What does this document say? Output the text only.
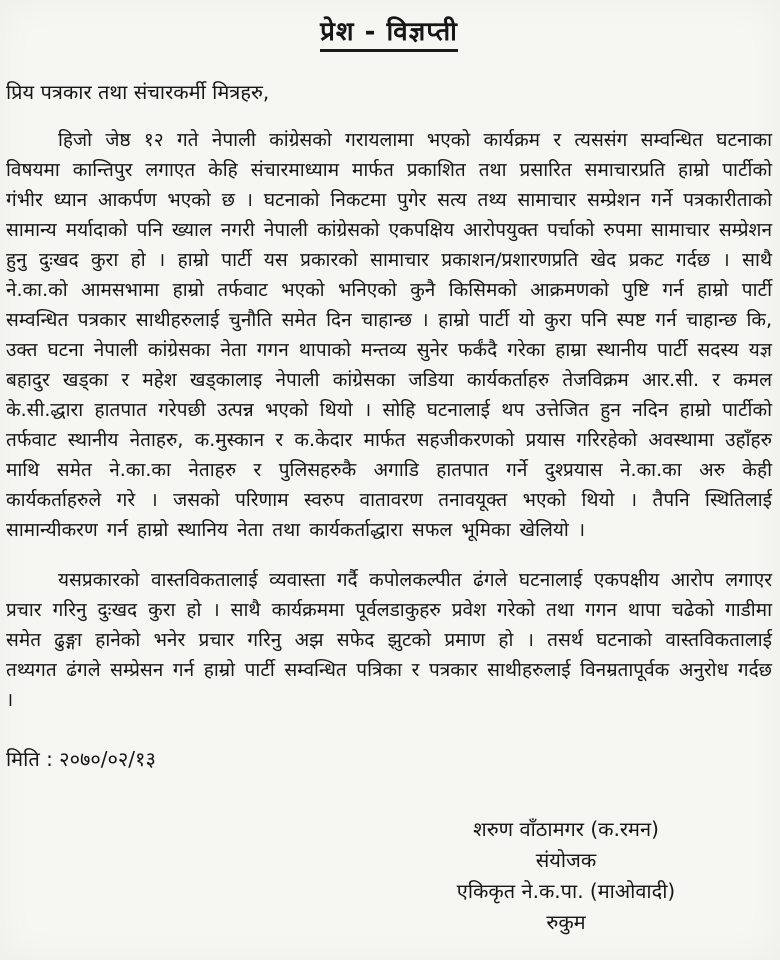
प्रेश - विज्ञप्ती

प्रिय पत्रकार तथा संचारकर्मी मित्रहरु,

हिजो जेष्ठ १२ गते नेपाली कांग्रेसको गरायलामा भएको कार्यक्रम र त्यससंग सम्वन्धित घटनाका विषयमा कान्तिपुर लगाएत केहि संचारमाध्याम मार्फत प्रकाशित तथा प्रसारित समाचारप्रति हाम्रो पार्टीको गंभीर ध्यान आकर्पण भएको छ । घटनाको निकटमा पुगेर सत्य तथ्य सामाचार सम्प्रेशन गर्ने पत्रकारीताको सामान्य मर्यादाको पनि ख्याल नगरी नेपाली कांग्रेसको एकपक्षिय आरोपयुक्त पर्चाको रुपमा सामाचार सम्प्रेशन हुनु दुःखद कुरा हो । हाम्रो पार्टी यस प्रकारको सामाचार प्रकाशन/प्रशारणप्रति खेद प्रकट गर्दछ । साथै ने.का.को आमसभामा हाम्रो तर्फवाट भएको भनिएको कुनै किसिमको आक्रमणको पुष्टि गर्न हाम्रो पार्टी सम्वन्धित पत्रकार साथीहरुलाई चुनौति समेत दिन चाहान्छ । हाम्रो पार्टी यो कुरा पनि स्पष्ट गर्न चाहान्छ कि, उक्त घटना नेपाली कांग्रेसका नेता गगन थापाको मन्तव्य सुनेर फर्कंदै गरेका हाम्रा स्थानीय पार्टी सदस्य यज्ञ बहादुर खड्का र महेश खड्कालाइ नेपाली कांग्रेसका जडिया कार्यकर्ताहरु तेजविक्रम आर.सी. र कमल के.सी.द्धारा हातपात गरेपछी उत्पन्न भएको थियो । सोहि घटनालाई थप उत्तेजित हुन नदिन हाम्रो पार्टीको तर्फवाट स्थानीय नेताहरु, क.मुस्कान र क.केदार मार्फत सहजीकरणको प्रयास गरिरहेको अवस्थामा उहाँहरु माथि समेत ने.का.का नेताहरु र पुलिसहरुकै अगाडि हातपात गर्ने दुश्प्रयास ने.का.का अरु केही कार्यकर्ताहरुले गरे । जसको परिणाम स्वरुप वातावरण तनावयूक्त भएको थियो । तैपनि स्थितिलाई सामान्यीकरण गर्न हाम्रो स्थानिय नेता तथा कार्यकर्ताद्धारा सफल भूमिका खेलियो ।

यसप्रकारको वास्तविकतालाई व्यवास्ता गर्दै कपोलकल्पीत ढंगले घटनालाई एकपक्षीय आरोप लगाएर प्रचार गरिनु दुःखद कुरा हो । साथै कार्यक्रममा पूर्वलडाकुहरु प्रवेश गरेको तथा गगन थापा चढेको गाडीमा समेत ढुङ्गा हानेको भनेर प्रचार गरिनु अझ सफेद झुटको प्रमाण हो । तसर्थ घटनाको वास्तविकतालाई तथ्यगत ढंगले सम्प्रेसन गर्न हाम्रो पार्टी सम्वन्धित पत्रिका र पत्रकार साथीहरुलाई विनम्रतापूर्वक अनुरोध गर्दछ ।

मिति : २०७०/०२/१३

शरुण वाँठामगर (क.रमन)
संयोजक
एकिकृत ने.क.पा. (माओवादी)
रुकुम
